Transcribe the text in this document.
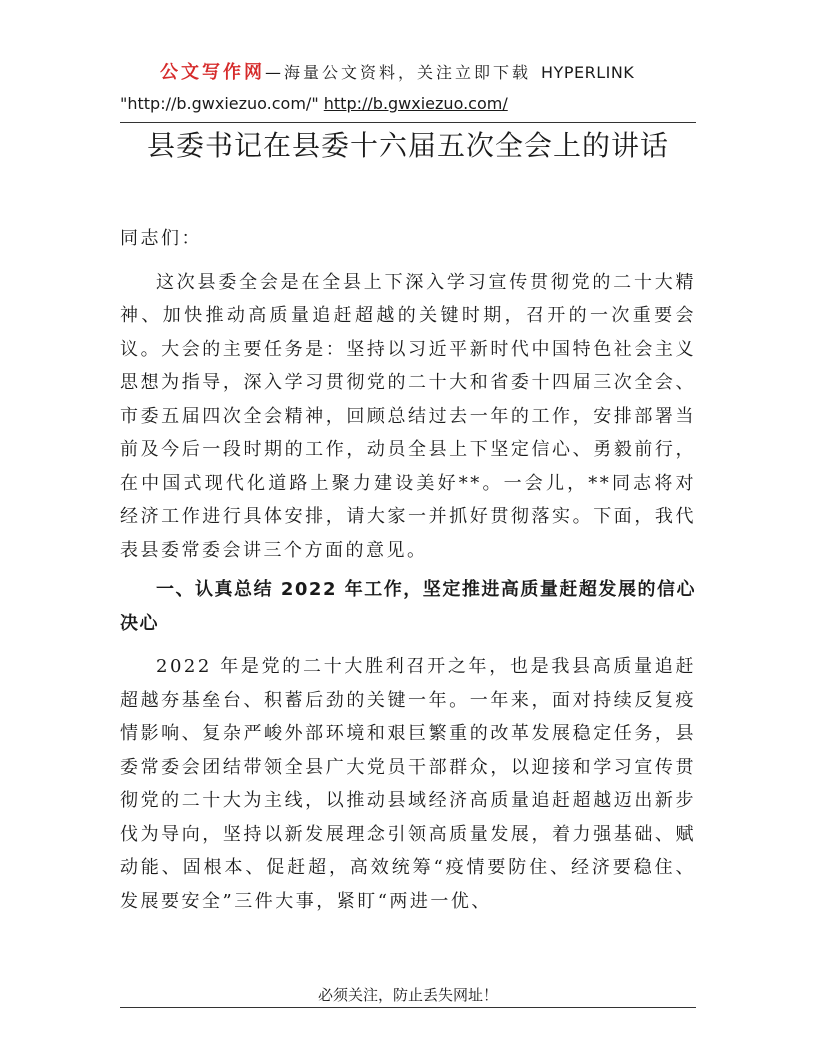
公文写作网—海量公文资料，关注立即下载 HYPERLINK
"http://b.gwxiezuo.com/" http://b.gwxiezuo.com/
县委书记在县委十六届五次全会上的讲话

同志们：

这次县委全会是在全县上下深入学习宣传贯彻党的二十大精神、加快推动高质量追赶超越的关键时期，召开的一次重要会议。大会的主要任务是：坚持以习近平新时代中国特色社会主义思想为指导，深入学习贯彻党的二十大和省委十四届三次全会、市委五届四次全会精神，回顾总结过去一年的工作，安排部署当前及今后一段时期的工作，动员全县上下坚定信心、勇毅前行，在中国式现代化道路上聚力建设美好**。一会儿，**同志将对经济工作进行具体安排，请大家一并抓好贯彻落实。下面，我代表县委常委会讲三个方面的意见。

一、认真总结 2022 年工作，坚定推进高质量赶超发展的信心决心

2022 年是党的二十大胜利召开之年，也是我县高质量追赶超越夯基垒台、积蓄后劲的关键一年。一年来，面对持续反复疫情影响、复杂严峻外部环境和艰巨繁重的改革发展稳定任务，县委常委会团结带领全县广大党员干部群众，以迎接和学习宣传贯彻党的二十大为主线，以推动县域经济高质量追赶超越迈出新步伐为导向，坚持以新发展理念引领高质量发展，着力强基础、赋动能、固根本、促赶超，高效统筹“疫情要防住、经济要稳住、发展要安全”三件大事，紧盯“两进一优、

必须关注，防止丢失网址！
